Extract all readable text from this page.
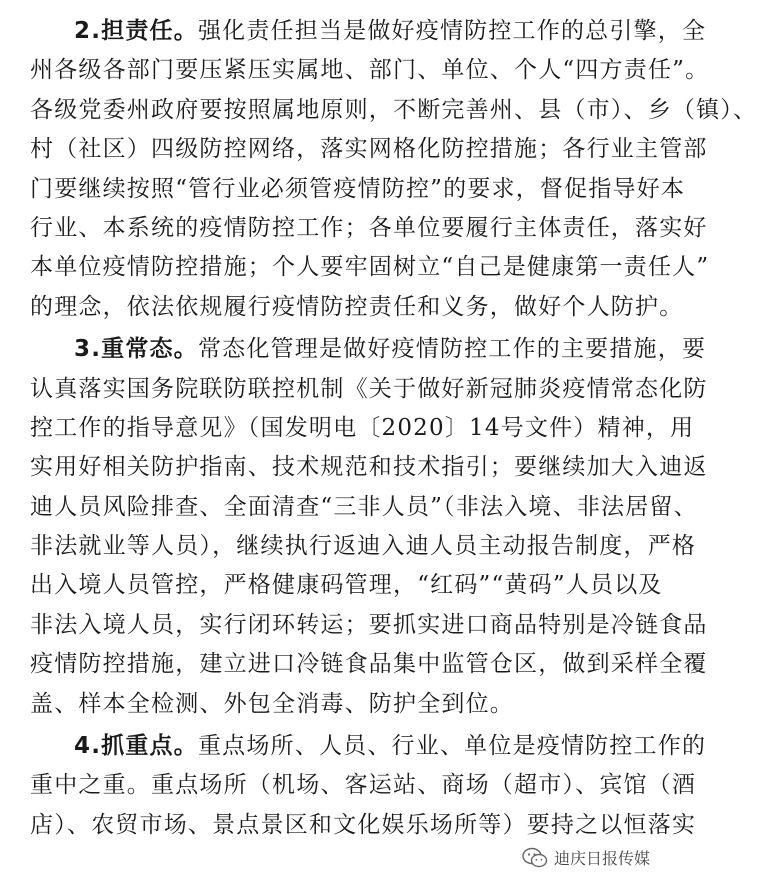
2.担责任。强化责任担当是做好疫情防控工作的总引擎，全
州各级各部门要压紧压实属地、部门、单位、个人“四方责任”。
各级党委州政府要按照属地原则，不断完善州、县（市）、乡（镇）、
村（社区）四级防控网络，落实网格化防控措施；各行业主管部
门要继续按照“管行业必须管疫情防控”的要求，督促指导好本
行业、本系统的疫情防控工作；各单位要履行主体责任，落实好
本单位疫情防控措施；个人要牢固树立“自己是健康第一责任人”
的理念，依法依规履行疫情防控责任和义务，做好个人防护。
3.重常态。常态化管理是做好疫情防控工作的主要措施，要
认真落实国务院联防联控机制《关于做好新冠肺炎疫情常态化防
控工作的指导意见》（国发明电〔2020〕14号文件）精神，用
实用好相关防护指南、技术规范和技术指引；要继续加大入迪返
迪人员风险排查、全面清查“三非人员”（非法入境、非法居留、
非法就业等人员），继续执行返迪入迪人员主动报告制度，严格
出入境人员管控，严格健康码管理，“红码”“黄码”人员以及
非法入境人员，实行闭环转运；要抓实进口商品特别是冷链食品
疫情防控措施，建立进口冷链食品集中监管仓区，做到采样全覆
盖、样本全检测、外包全消毒、防护全到位。
4.抓重点。重点场所、人员、行业、单位是疫情防控工作的
重中之重。重点场所（机场、客运站、商场（超市）、宾馆（酒
店）、农贸市场、景点景区和文化娱乐场所等）要持之以恒落实
迪庆日报传媒
